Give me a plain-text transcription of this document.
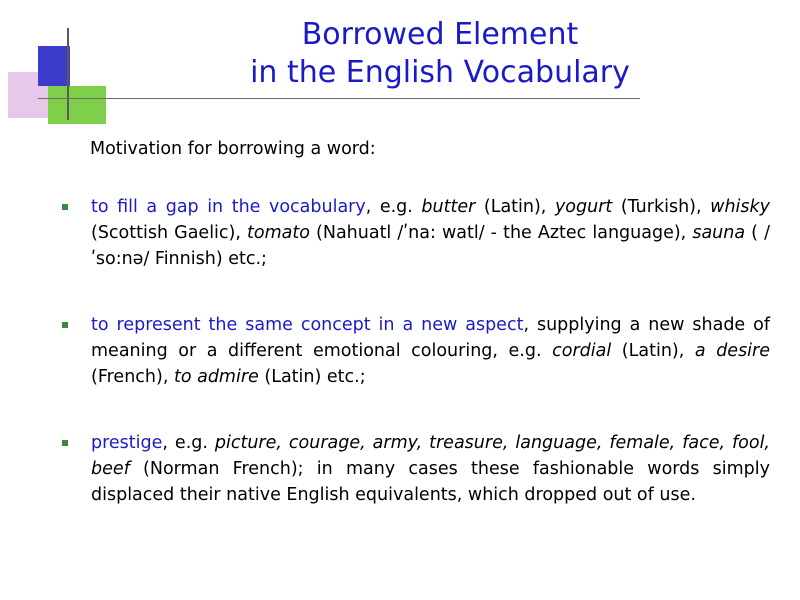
Borrowed Element
in the English Vocabulary
Motivation for borrowing a word:
to fill a gap in the vocabulary, e.g. butter (Latin), yogurt (Turkish), whisky (Scottish Gaelic), tomato (Nahuatl /ʹna: watl/ - the Aztec language), sauna ( /ʹso:nə/ Finnish) etc.;
to represent the same concept in a new aspect, supplying a new shade of meaning or a different emotional colouring, e.g. cordial (Latin), a desire (French), to admire (Latin) etc.;
prestige, e.g. picture, courage, army, treasure, language, female, face, fool, beef (Norman French); in many cases these fashionable words simply displaced their native English equivalents, which dropped out of use.
